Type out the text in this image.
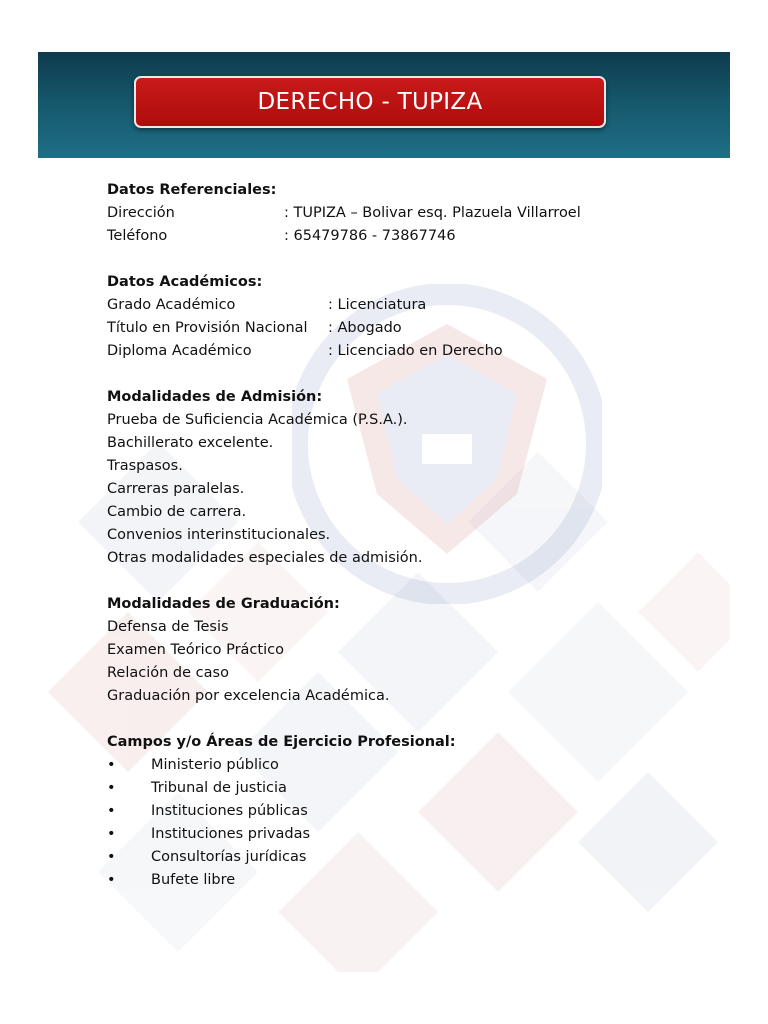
DERECHO - TUPIZA
Datos Referenciales:
Dirección	: TUPIZA – Bolivar esq. Plazuela Villarroel
Teléfono	: 65479786 - 73867746
Datos Académicos:
Grado Académico	: Licenciatura
Título en Provisión Nacional	: Abogado
Diploma Académico	: Licenciado en Derecho
Modalidades de Admisión:
Prueba de Suficiencia Académica (P.S.A.).
Bachillerato excelente.
Traspasos.
Carreras paralelas.
Cambio de carrera.
Convenios interinstitucionales.
Otras modalidades especiales de admisión.
Modalidades de Graduación:
Defensa de Tesis
Examen Teórico Práctico
Relación de caso
Graduación por excelencia Académica.
Campos y/o Áreas de Ejercicio Profesional:
•	Ministerio público
•	Tribunal de justicia
•	Instituciones públicas
•	Instituciones privadas
•	Consultorías jurídicas
•	Bufete libre
